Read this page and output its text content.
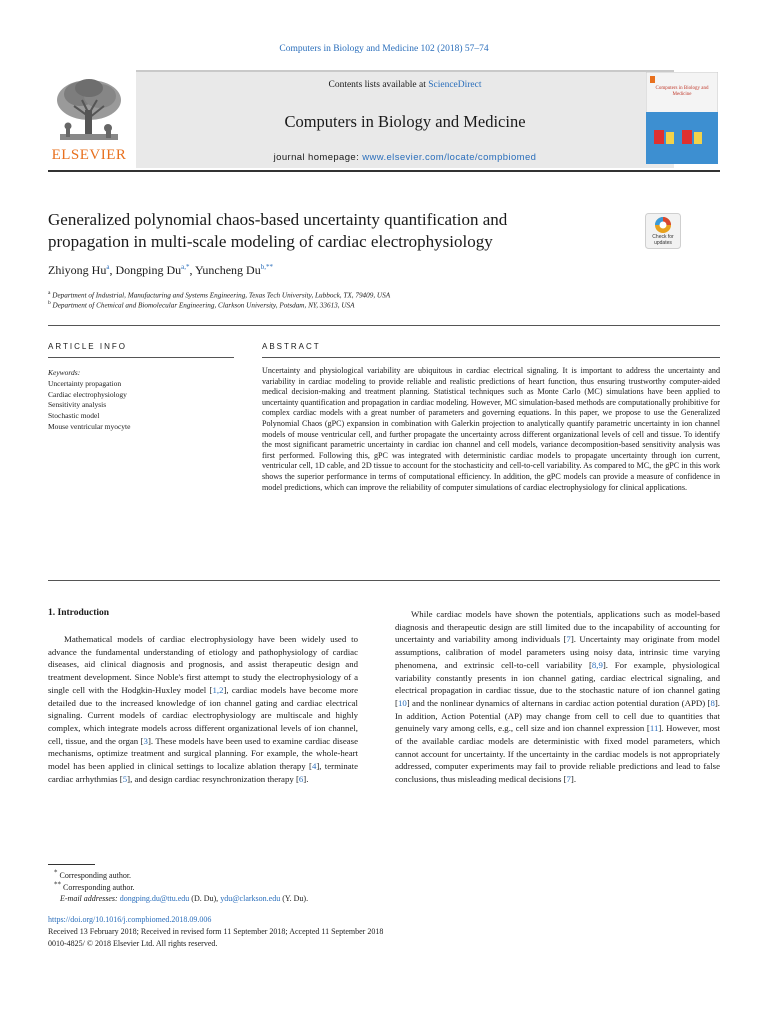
Computers in Biology and Medicine 102 (2018) 57–74
ELSEVIER
Contents lists available at ScienceDirect
Computers in Biology and Medicine
journal homepage: www.elsevier.com/locate/compbiomed
Computers in Biology and Medicine
Generalized polynomial chaos-based uncertainty quantification and
propagation in multi-scale modeling of cardiac electrophysiology	Check for
updates
Zhiyong Hu$^a$, Dongping $Du^{a,*}$, Yuncheng $Du^{b,**}$
$^a$ Department of Industrial, Manufacturing and Systems Engineering, Texas Tech University, Lubbock, TX, 79409, USA
$^b$ Department of Chemical and Biomolecular Engineering, Clarkson University, Potsdam, NY, 33613, USA
ARTICLE INFO	ABSTRACT
Keywords:
Uncertainty propagation
Cardiac electrophysiology
Sensitivity analysis
Stochastic model
Mouse ventricular myocyte
Uncertainty and physiological variability are ubiquitous in cardiac electrical signaling. It is important to address the uncertainty and variability in cardiac modeling to provide reliable and realistic predictions of heart function, thus ensuring trustworthy computer-aided medical decision-making and treatment planning. Statistical techniques such as Monte Carlo (MC) simulations have been applied to uncertainty quantification and propagation in cardiac modeling. However, MC simulation-based methods are computationally prohibitive for complex cardiac models with a great number of parameters and governing equations. In this paper, we propose to use the Generalized Polynomial Chaos (gPC) expansion in combination with Galerkin projection to analytically quantify parametric uncertainty in ion channel models of mouse ventricular cell, and further propagate the uncertainty across different organizational levels of cell and tissue. To identify the most significant parametric uncertainty in cardiac ion channel and cell models, variance decomposition-based sensitivity analysis was first performed. Following this, gPC was integrated with deterministic cardiac models to propagate uncertainty through ion current, ventricular cell, 1D cable, and 2D tissue to account for the stochasticity and cell-to-cell variability. As compared to MC, the gPC in this work shows the superior performance in terms of computational efficiency. In addition, the gPC models can provide a measure of confidence in model predictions, which can improve the reliability of computer simulations of cardiac electrophysiology for clinical applications.
1. Introduction
Mathematical models of cardiac electrophysiology have been widely used to advance the fundamental understanding of etiology and pathophysiology of cardiac diseases, aid clinical diagnosis and prognosis, and assist therapeutic design and treatment development. Since Noble's first attempt to study the electrophysiology of a single cell with the Hodgkin-Huxley model [1,2], cardiac models have become more detailed due to the increased knowledge of ion channel gating and cardiac electrical signaling. Current models of cardiac electrophysiology are multiscale and highly complex, which integrate models across different organizational levels of ion channel, cell, tissue, and the organ [3]. These models have been used to examine cardiac disease mechanisms, optimize treatment and surgical planning. For example, the whole-heart model has been applied in clinical settings to localize ablation therapy [4], terminate cardiac arrhythmias [5], and design cardiac resynchronization therapy [6].
While cardiac models have shown the potentials, applications such as model-based diagnosis and therapeutic design are still limited due to the incapability of accounting for uncertainty and variability among individuals [7]. Uncertainty may originate from model assumptions, calibration of model parameters using noisy data, intrinsic time varying phenomena, and extrinsic cell-to-cell variability [8,9]. For example, physiological variability constantly presents in ion channel gating, cardiac electrical signaling, and electrical propagation in cardiac tissue, due to the stochastic nature of ion channel gating [10] and the nonlinear dynamics of alternans in cardiac action potential duration (APD) [8]. In addition, Action Potential (AP) may change from cell to cell due to quantities that genuinely vary among cells, e.g., cell size and ion channel expression [11]. However, most of the available cardiac models are deterministic with fixed model parameters, which cannot account for uncertainty. If the uncertainty in the cardiac models is not appropriately addressed, computer experiments may fail to provide reliable predictions and lead to false conclusions, thus misleading medical decisions [7].
* Corresponding author.
** Corresponding author.
E-mail addresses: dongping.du@ttu.edu (D. Du), ydu@clarkson.edu (Y. Du).
https://doi.org/10.1016/j.compbiomed.2018.09.006
Received 13 February 2018; Received in revised form 11 September 2018; Accepted 11 September 2018
0010-4825/ © 2018 Elsevier Ltd. All rights reserved.
